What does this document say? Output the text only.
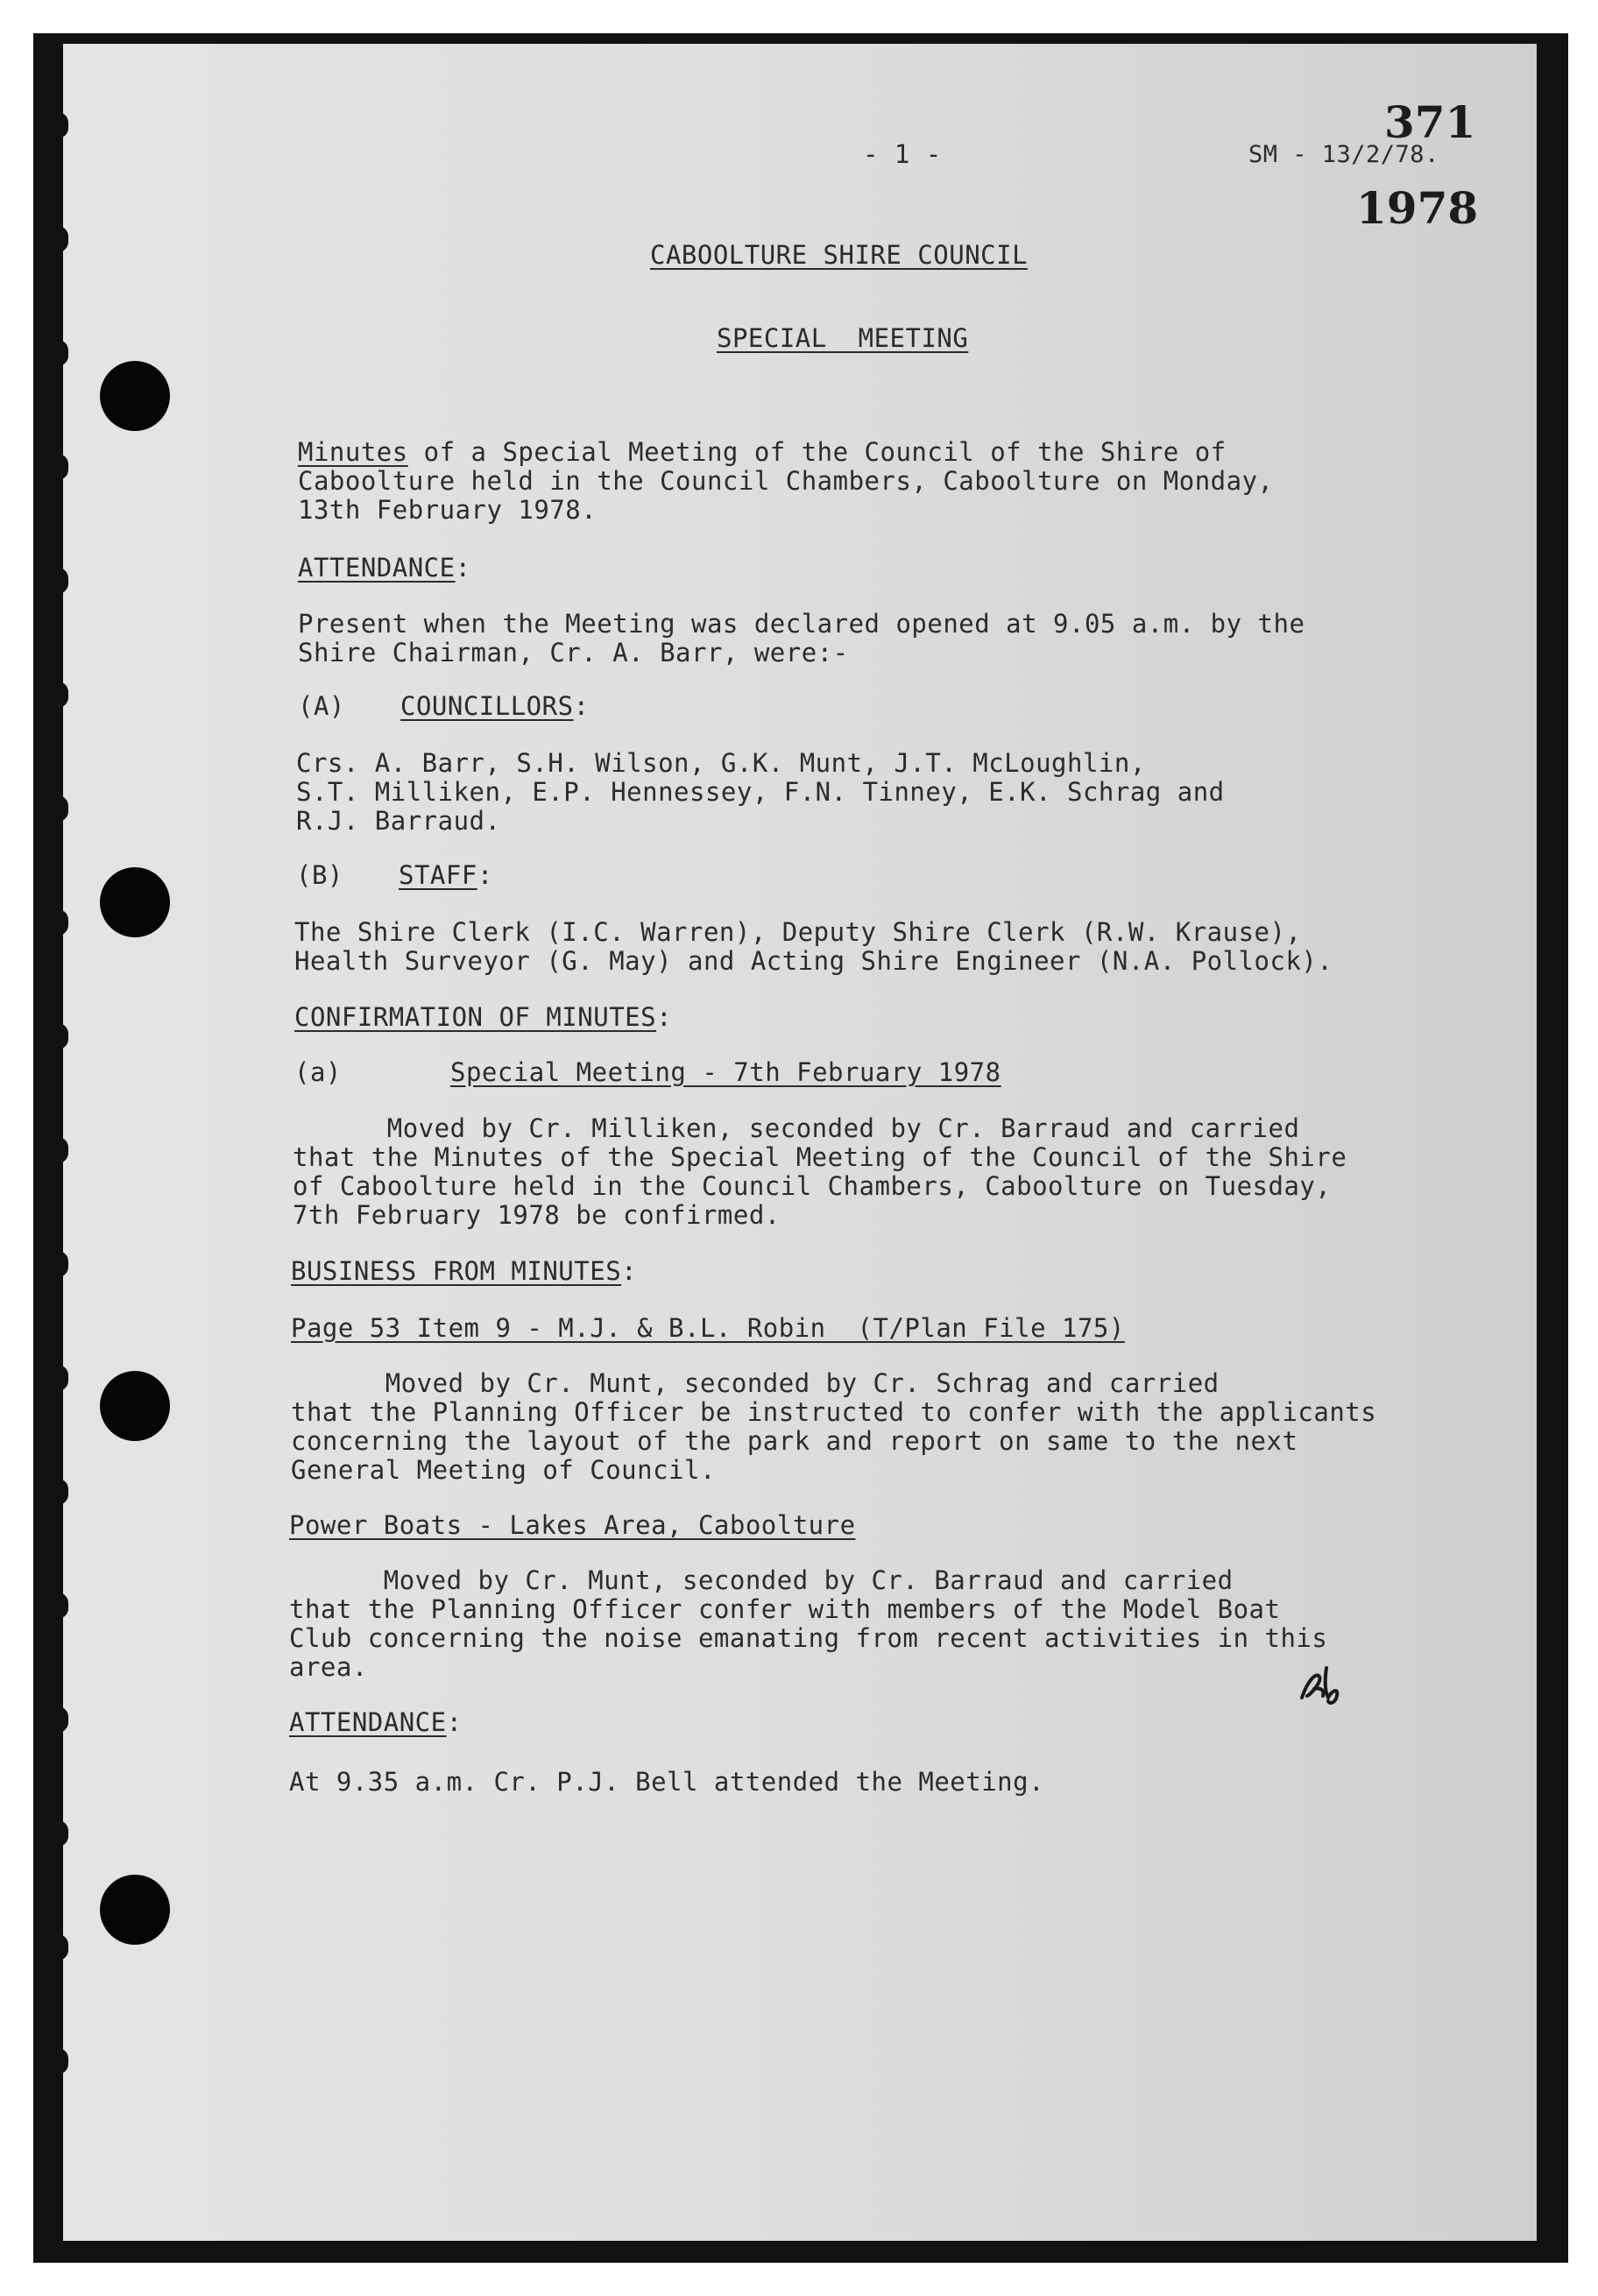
- 1 -	SM - 13/2/78.
371
1978
CABOOLTURE SHIRE COUNCIL
SPECIAL  MEETING
Minutes of a Special Meeting of the Council of the Shire of
Caboolture held in the Council Chambers, Caboolture on Monday,
13th February 1978.
ATTENDANCE:
Present when the Meeting was declared opened at 9.05 a.m. by the
Shire Chairman, Cr. A. Barr, were:-
(A) COUNCILLORS:
Crs. A. Barr, S.H. Wilson, G.K. Munt, J.T. McLoughlin,
S.T. Milliken, E.P. Hennessey, F.N. Tinney, E.K. Schrag and
R.J. Barraud.
(B) STAFF:
The Shire Clerk (I.C. Warren), Deputy Shire Clerk (R.W. Krause),
Health Surveyor (G. May) and Acting Shire Engineer (N.A. Pollock).
CONFIRMATION OF MINUTES:
(a)	Special Meeting - 7th February 1978
Moved by Cr. Milliken, seconded by Cr. Barraud and carried
that the Minutes of the Special Meeting of the Council of the Shire
of Caboolture held in the Council Chambers, Caboolture on Tuesday,
7th February 1978 be confirmed.
BUSINESS FROM MINUTES:
Page 53 Item 9 - M.J. & B.L. Robin  (T/Plan File 175)
Moved by Cr. Munt, seconded by Cr. Schrag and carried
that the Planning Officer be instructed to confer with the applicants
concerning the layout of the park and report on same to the next
General Meeting of Council.
Power Boats - Lakes Area, Caboolture
Moved by Cr. Munt, seconded by Cr. Barraud and carried
that the Planning Officer confer with members of the Model Boat
Club concerning the noise emanating from recent activities in this
area.
ATTENDANCE:
At 9.35 a.m. Cr. P.J. Bell attended the Meeting.
